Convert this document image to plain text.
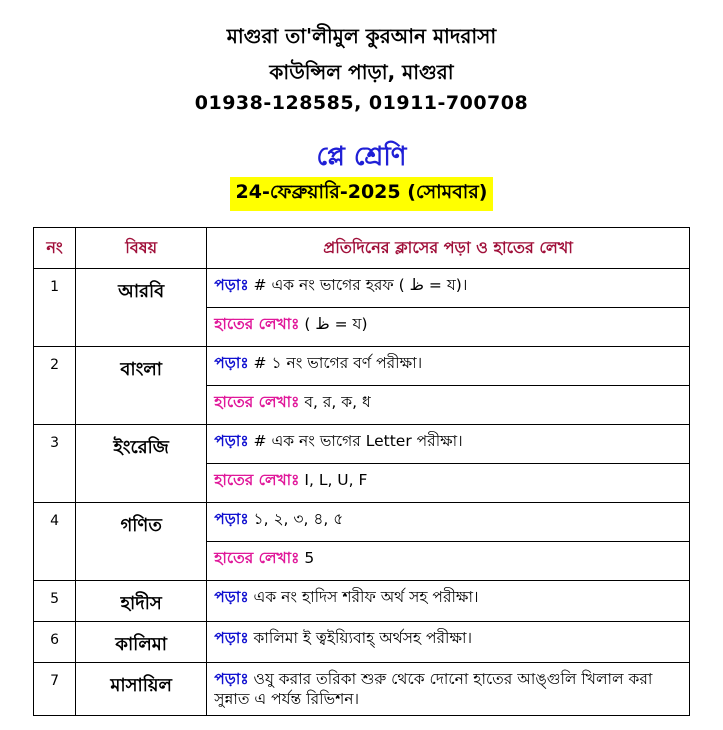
মাগুরা তা'লীমুল কুরআন মাদরাসা
কাউন্সিল পাড়া, মাগুরা
01938-128585, 01911-700708
প্লে শ্রেণি
24-ফেব্রুয়ারি-2025 (সোমবার)
নং	বিষয়	প্রতিদিনের ক্লাসের পড়া ও হাতের লেখা
1	আরবি	পড়াঃ # এক নং ভাগের হরফ ( ظ = য)।
		হাতের লেখাঃ ( ظ = য)
2	বাংলা	পড়াঃ # ১ নং ভাগের বর্ণ পরীক্ষা।
		হাতের লেখাঃ ব, র, ক, ধ
3	ইংরেজি	পড়াঃ # এক নং ভাগের Letter পরীক্ষা।
		হাতের লেখাঃ I, L, U, F
4	গণিত	পড়াঃ ১, ২, ৩, ৪, ৫
		হাতের লেখাঃ 5
5	হাদীস	পড়াঃ এক নং হাদিস শরীফ অর্থ সহ পরীক্ষা।
6	কালিমা	পড়াঃ কালিমা ই ত্বইয়্যিবাহ্‌ অর্থসহ পরীক্ষা।
7	মাসায়িল	পড়াঃ ওযু করার তরিকা শুরু থেকে দোনো হাতের আঙ্গুলি খিলাল করা সুন্নাত এ পর্যন্ত রিভিশন।
